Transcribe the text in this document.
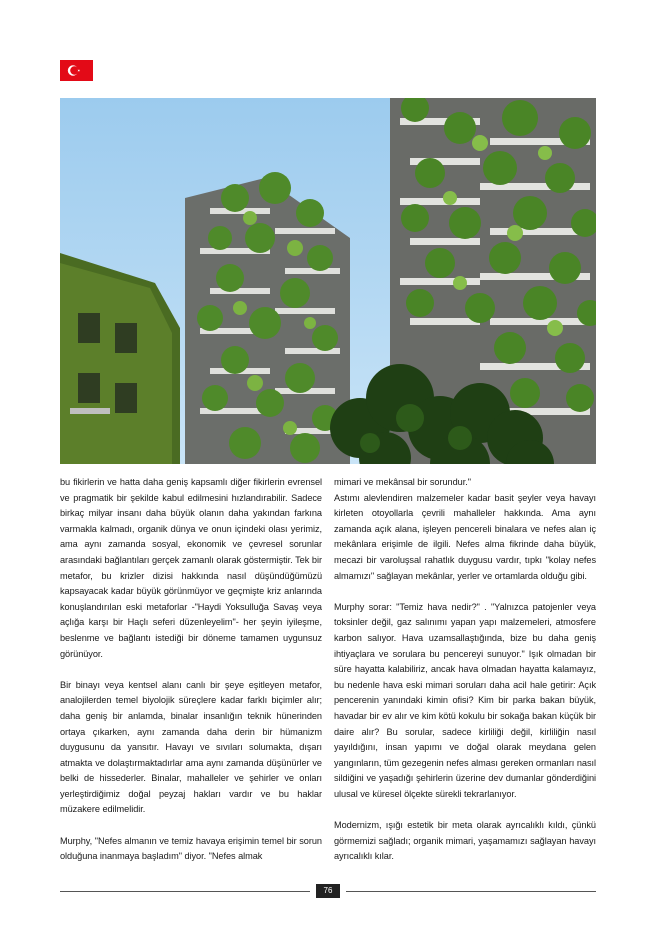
bu fikirlerin ve hatta daha geniş kapsamlı diğer fikirlerin evrensel ve pragmatik bir şekilde kabul edilmesini hızlandırabilir. Sadece birkaç milyar insanı daha büyük olanın daha yakından farkına varmakla kalmadı, organik dünya ve onun içindeki olası yerimiz, ama aynı zamanda sosyal, ekonomik ve çevresel sorunlar arasındaki bağlantıları gerçek zamanlı olarak göstermiştir. Tek bir metafor, bu krizler dizisi hakkında nasıl düşündüğümüzü kapsayacak kadar büyük görünmüyor ve geçmişte kriz anlarında konuşlandırılan eski metaforlar -"Haydi Yoksulluğa Savaş veya açlığa karşı bir Haçlı seferi düzenleyelim"- her şeyin iyileşme, beslenme ve bağlantı istediği bir döneme tamamen uygunsuz görünüyor.

Bir binayı veya kentsel alanı canlı bir şeye eşitleyen metafor, analojilerden temel biyolojik süreçlere kadar farklı biçimler alır; daha geniş bir anlamda, binalar insanlığın teknik hünerinden ortaya çıkarken, aynı zamanda daha derin bir hümanizm duygusunu da yansıtır. Havayı ve sıvıları solumakta, dışarı atmakta ve dolaştırmaktadırlar ama aynı zamanda düşünürler ve belki de hissederler. Binalar, mahalleler ve şehirler ve onları yerleştirdiğimiz doğal peyzaj hakları vardır ve bu haklar müzakere edilmelidir.

Murphy, "Nefes almanın ve temiz havaya erişimin temel bir sorun olduğuna inanmaya başladım" diyor. "Nefes almak

mimari ve mekânsal bir sorundur."

Astımı alevlendiren malzemeler kadar basit şeyler veya havayı kirleten otoyollarla çevrili mahalleler hakkında. Ama aynı zamanda açık alana, işleyen pencereli binalara ve nefes alan iç mekânlara erişimle de ilgili. Nefes alma fikrinde daha büyük, mecazi bir varoluşsal rahatlık duygusu vardır, tıpkı "kolay nefes almamızı" sağlayan mekânlar, yerler ve ortamlarda olduğu gibi.

Murphy sorar: "Temiz hava nedir?" . "Yalnızca patojenler veya toksinler değil, gaz salınımı yapan yapı malzemeleri, atmosfere karbon salıyor. Hava uzamsallaştığında, bize bu daha geniş ihtiyaçlara ve sorulara bu pencereyi sunuyor." Işık olmadan bir süre hayatta kalabiliriz, ancak hava olmadan hayatta kalamayız, bu nedenle hava eski mimari soruları daha acil hale getirir: Açık pencerenin yanındaki kimin ofisi? Kim bir parka bakan büyük, havadar bir ev alır ve kim kötü kokulu bir sokağa bakan küçük bir daire alır? Bu sorular, sadece kirliliği değil, kirliliğin nasıl yayıldığını, insan yapımı ve doğal olarak meydana gelen yangınların, tüm gezegenin nefes alması gereken ormanları nasıl sildiğini ve yaşadığı şehirlerin üzerine dev dumanlar gönderdiğini ulusal ve küresel ölçekte sürekli tekrarlanıyor.

Modernizm, ışığı estetik bir meta olarak ayrıcalıklı kıldı, çünkü görmemizi sağladı; organik mimari, yaşamamızı sağlayan havayı ayrıcalıklı kılar.

76
